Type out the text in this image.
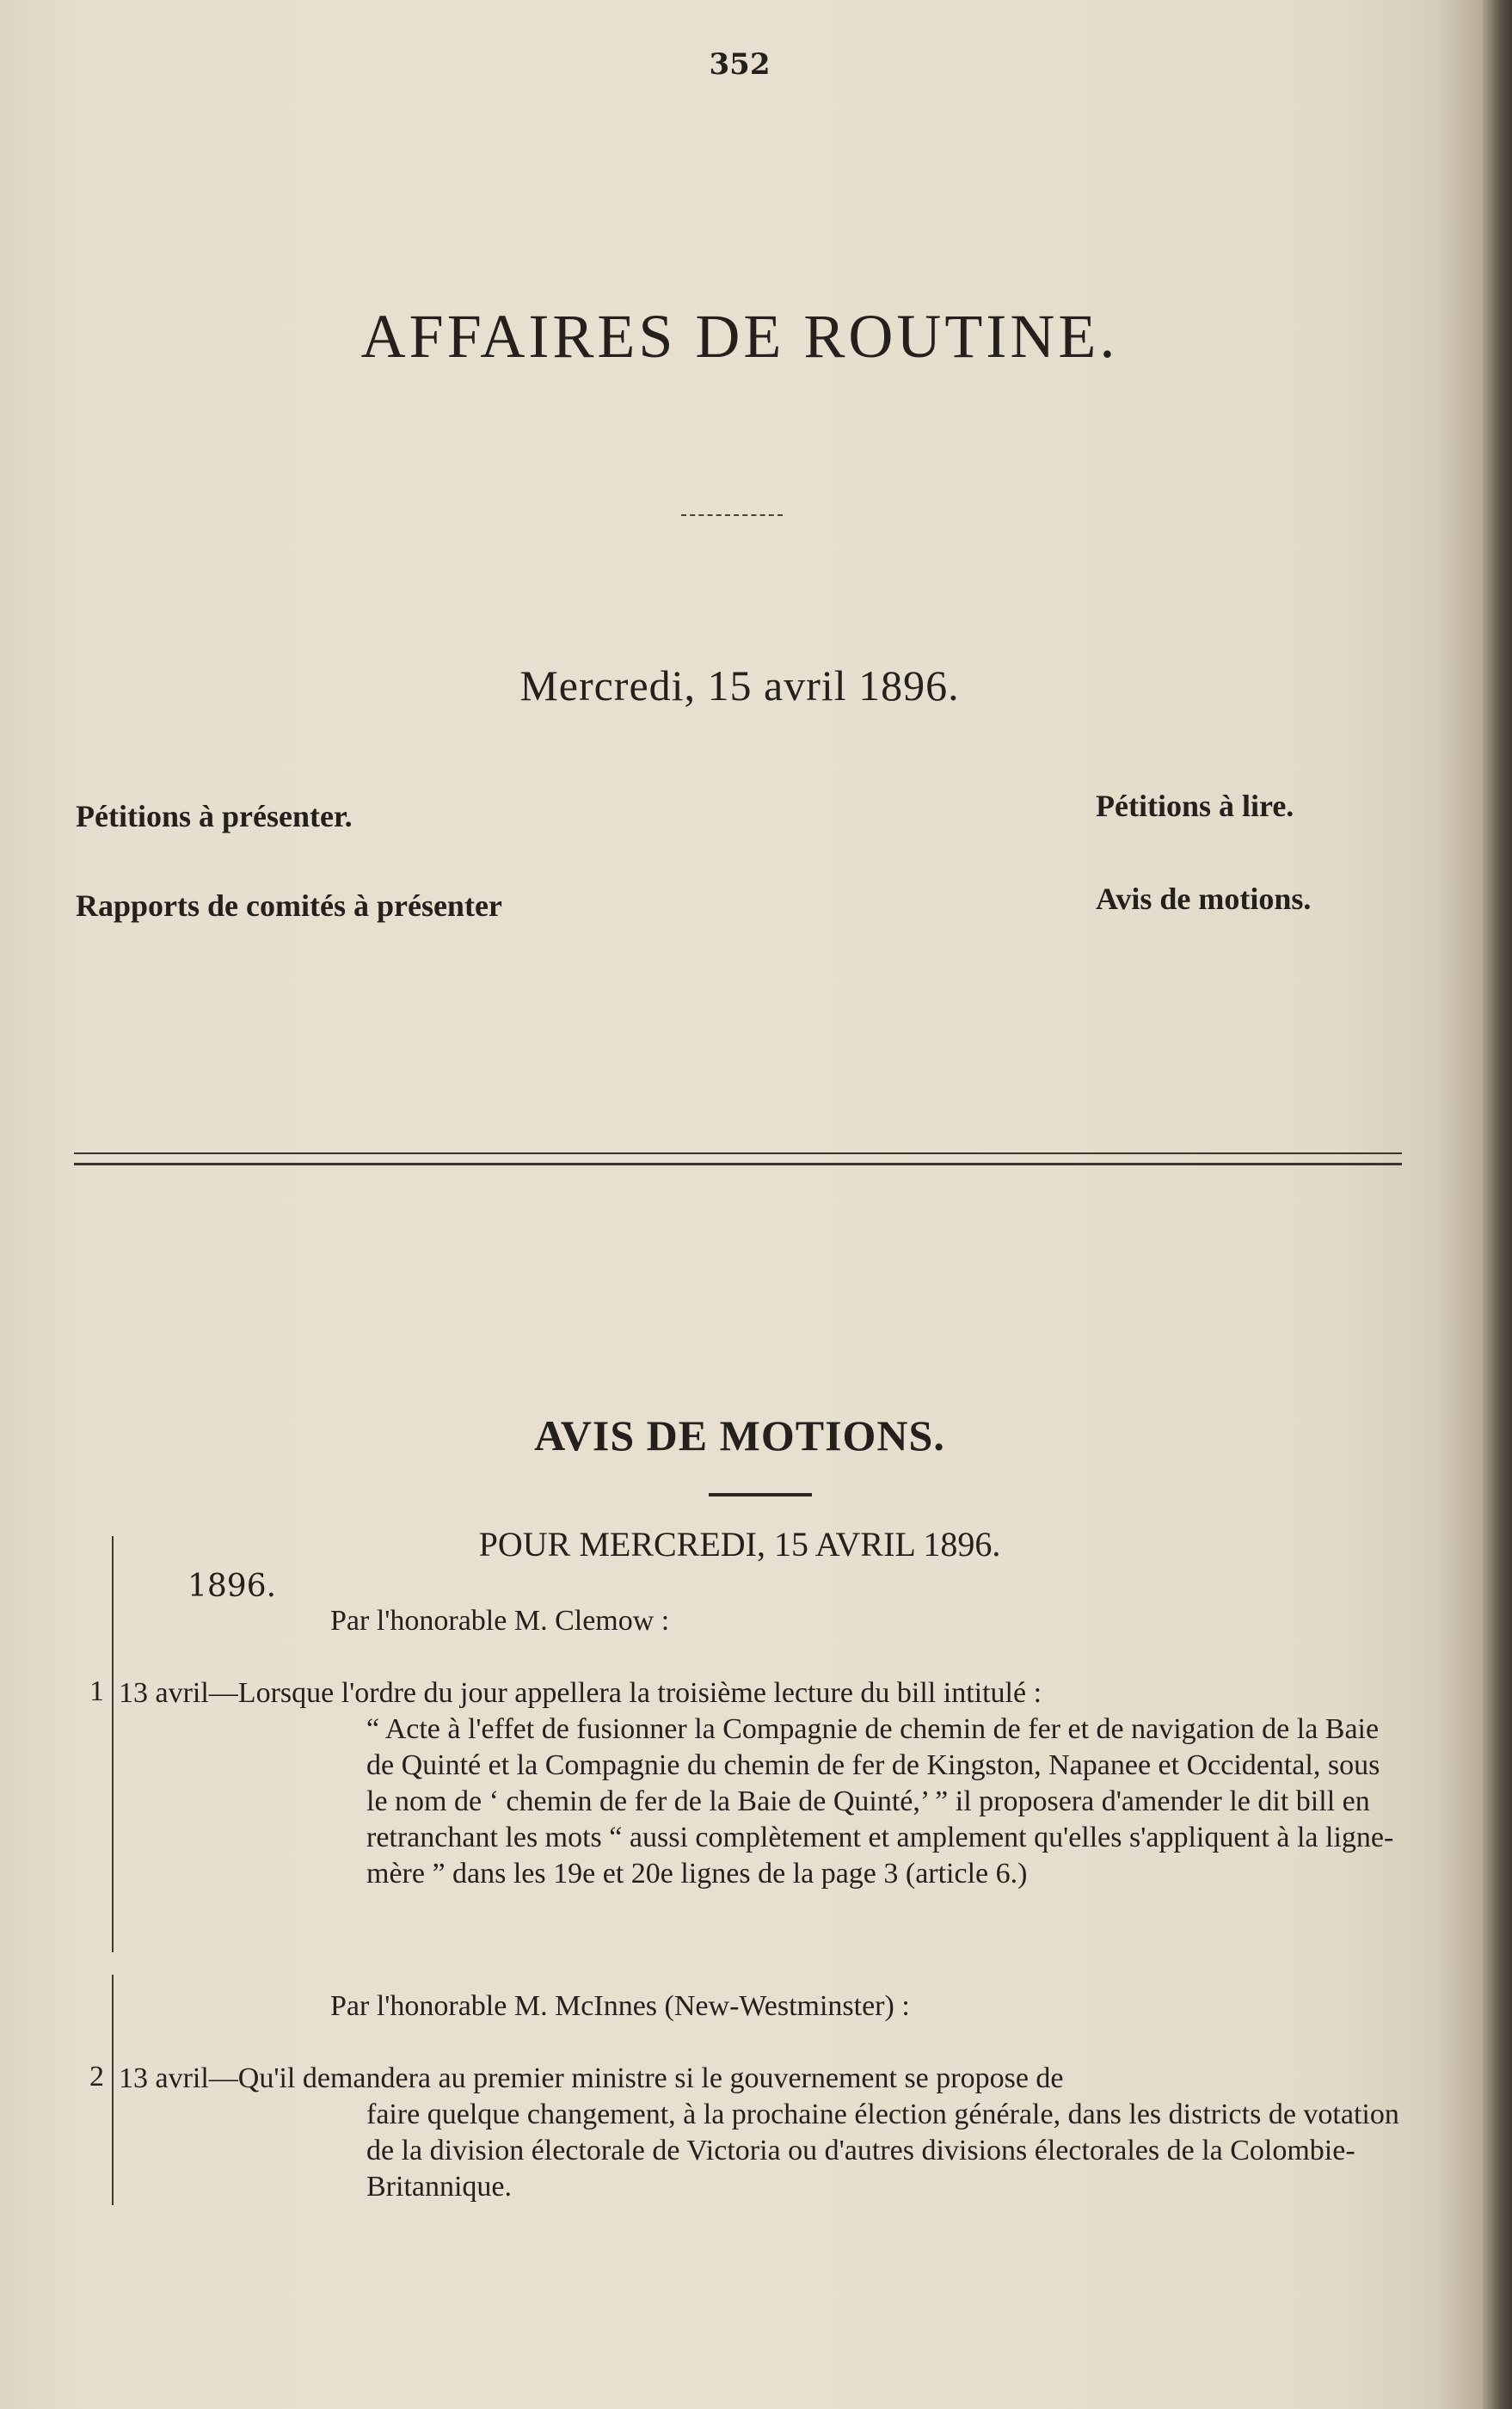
352
AFFAIRES DE ROUTINE.
Mercredi, 15 avril 1896.
Pétitions à présenter.	Pétitions à lire.
Rapports de comités à présenter	Avis de motions.
AVIS DE MOTIONS.
POUR MERCREDI, 15 AVRIL 1896.
1896.
Par l'honorable M. Clemow :
1 13 avril—Lorsque l'ordre du jour appellera la troisième lecture du bill intitulé :
“ Acte à l'effet de fusionner la Compagnie de chemin de fer et de navigation de la Baie de Quinté et la Compagnie du chemin de fer de Kingston, Napanee et Occidental, sous le nom de ‘ chemin de fer de la Baie de Quinté,’ ” il proposera d'amender le dit bill en retranchant les mots “ aussi complètement et amplement qu'elles s'appliquent à la ligne-mère ” dans les 19e et 20e lignes de la page 3 (article 6.)
Par l'honorable M. McInnes (New-Westminster) :
2 13 avril—Qu'il demandera au premier ministre si le gouvernement se propose de
faire quelque changement, à la prochaine élection générale, dans les districts de votation de la division électorale de Victoria ou d'autres divisions électorales de la Colombie-Britannique.
